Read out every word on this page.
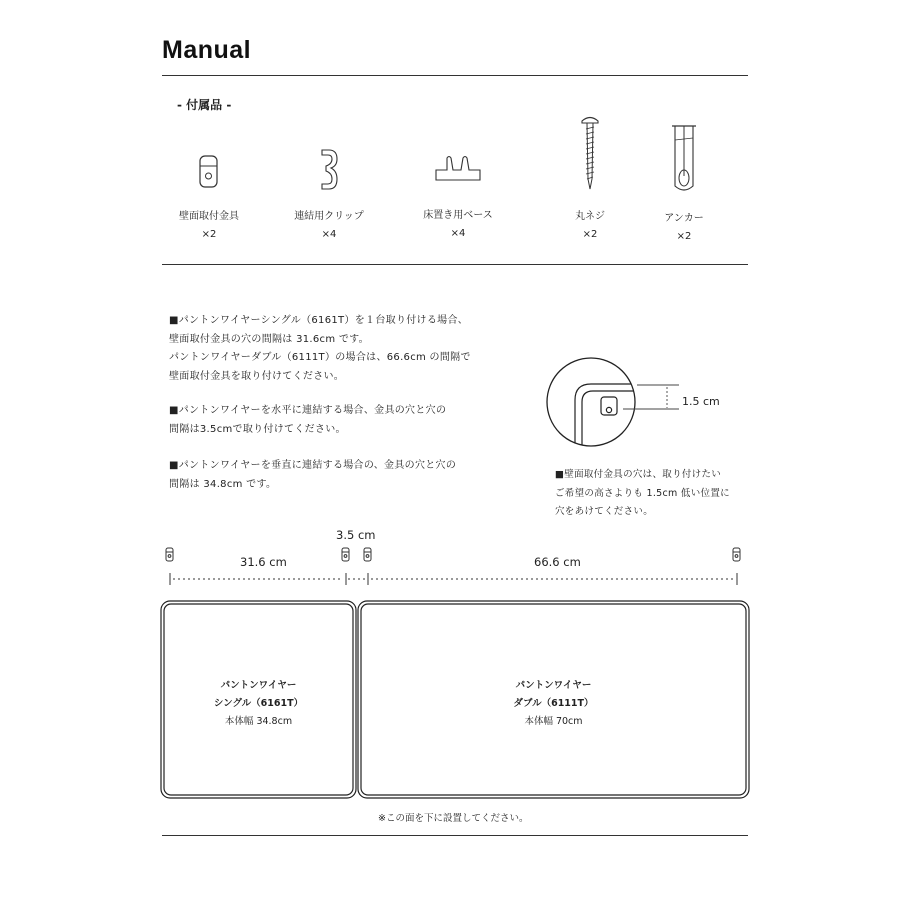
Manual
- 付属品 -
壁面取付金具
×2
連結用クリップ
×4
床置き用ベース
×4
丸ネジ
×2
アンカー
×2
■パントンワイヤーシングル（6161T）を１台取り付ける場合、
壁面取付金具の穴の間隔は 31.6cm です。
パントンワイヤーダブル（6111T）の場合は、66.6cm の間隔で
壁面取付金具を取り付けてください。
■パントンワイヤーを水平に連結する場合、金具の穴と穴の
間隔は3.5cmで取り付けてください。
■パントンワイヤーを垂直に連結する場合の、金具の穴と穴の
間隔は 34.8cm です。
1.5 cm
■壁面取付金具の穴は、取り付けたい
ご希望の高さよりも 1.5cm 低い位置に
穴をあけてください。
3.5 cm
31.6 cm	66.6 cm
パントンワイヤー
シングル（6161T）
本体幅 34.8cm
パントンワイヤー
ダブル（6111T）
本体幅 70cm
※この面を下に設置してください。
